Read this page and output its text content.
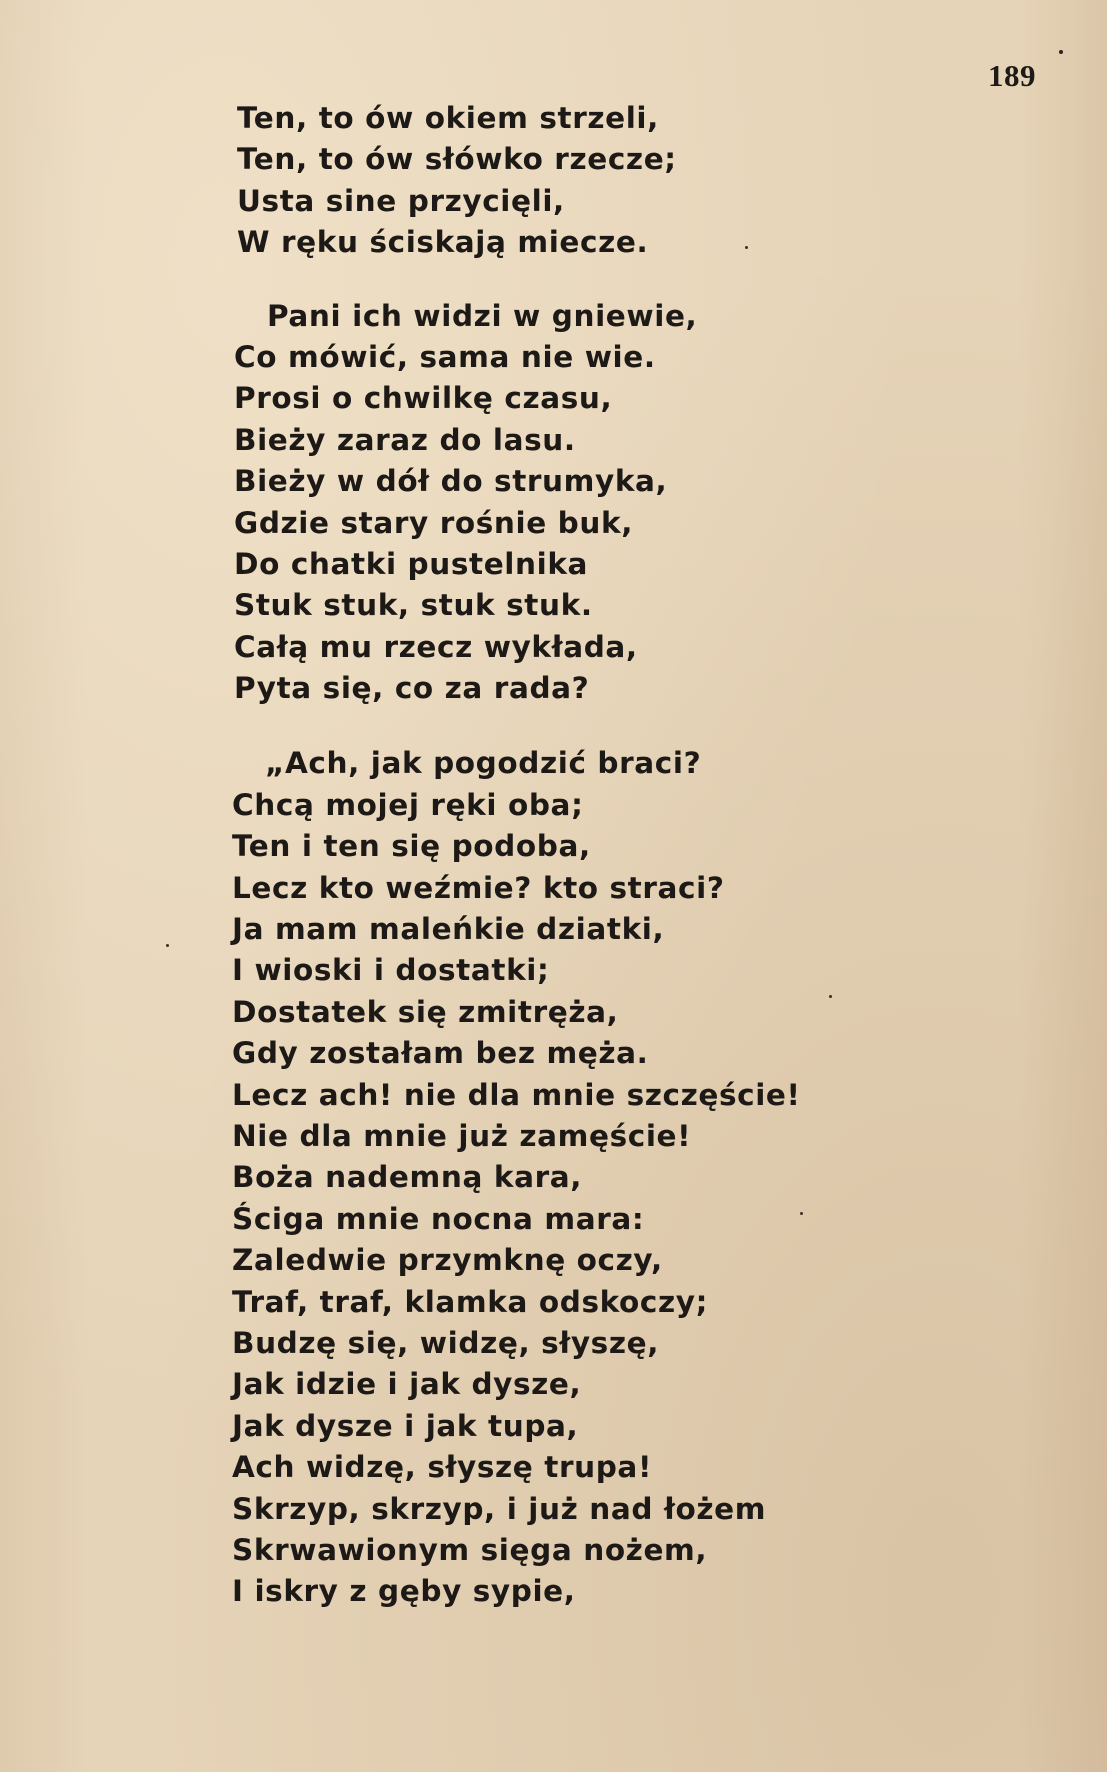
189
Ten, to ów okiem strzeli,
Ten, to ów słówko rzecze;
Usta sine przycięli,
W ręku ściskają miecze.
Pani ich widzi w gniewie,
Co mówić, sama nie wie.
Prosi o chwilkę czasu,
Bieży zaraz do lasu.
Bieży w dół do strumyka,
Gdzie stary rośnie buk,
Do chatki pustelnika
Stuk stuk, stuk stuk.
Całą mu rzecz wykłada,
Pyta się, co za rada?
„Ach, jak pogodzić braci?
Chcą mojej ręki oba;
Ten i ten się podoba,
Lecz kto weźmie? kto straci?
Ja mam maleńkie dziatki,
I wioski i dostatki;
Dostatek się zmitręża,
Gdy zostałam bez męża.
Lecz ach! nie dla mnie szczęście!
Nie dla mnie już zamęście!
Boża nademną kara,
Ściga mnie nocna mara:
Zaledwie przymknę oczy,
Traf, traf, klamka odskoczy;
Budzę się, widzę, słyszę,
Jak idzie i jak dysze,
Jak dysze i jak tupa,
Ach widzę, słyszę trupa!
Skrzyp, skrzyp, i już nad łożem
Skrwawionym sięga nożem,
I iskry z gęby sypie,
